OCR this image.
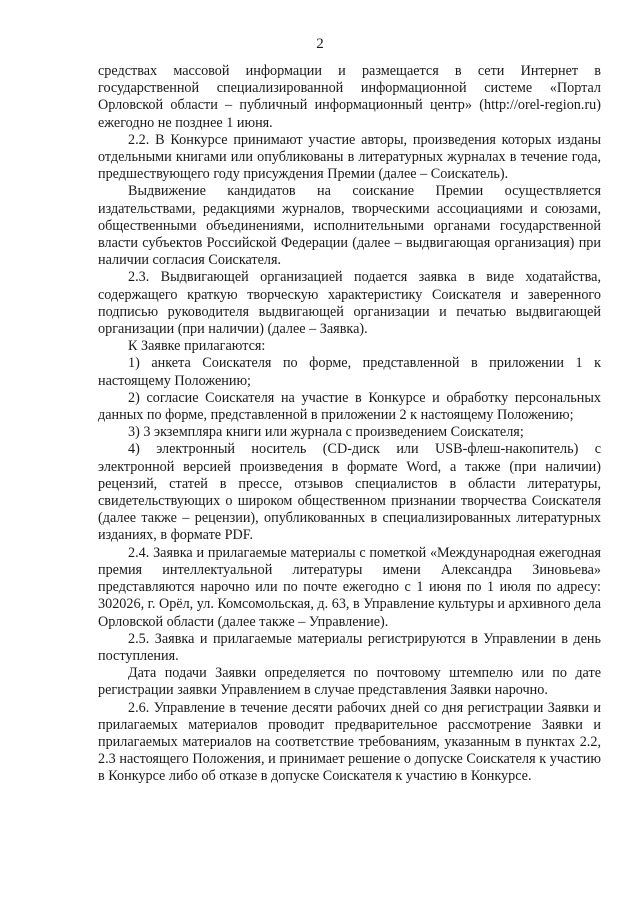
2

средствах массовой информации и размещается в сети Интернет в государственной специализированной информационной системе «Портал Орловской области – публичный информационный центр» (http://orel-region.ru) ежегодно не позднее 1 июня.

2.2. В Конкурсе принимают участие авторы, произведения которых изданы отдельными книгами или опубликованы в литературных журналах в течение года, предшествующего году присуждения Премии (далее – Соискатель).

Выдвижение кандидатов на соискание Премии осуществляется издательствами, редакциями журналов, творческими ассоциациями и союзами, общественными объединениями, исполнительными органами государственной власти субъектов Российской Федерации (далее – выдвигающая организация) при наличии согласия Соискателя.

2.3. Выдвигающей организацией подается заявка в виде ходатайства, содержащего краткую творческую характеристику Соискателя и заверенного подписью руководителя выдвигающей организации и печатью выдвигающей организации (при наличии) (далее – Заявка).

К Заявке прилагаются:

1) анкета Соискателя по форме, представленной в приложении 1 к настоящему Положению;

2) согласие Соискателя на участие в Конкурсе и обработку персональных данных по форме, представленной в приложении 2 к настоящему Положению;

3) 3 экземпляра книги или журнала с произведением Соискателя;

4) электронный носитель (CD-диск или USB-флеш-накопитель) с электронной версией произведения в формате Word, а также (при наличии) рецензий, статей в прессе, отзывов специалистов в области литературы, свидетельствующих о широком общественном признании творчества Соискателя (далее также – рецензии), опубликованных в специализированных литературных изданиях, в формате PDF.

2.4. Заявка и прилагаемые материалы с пометкой «Международная ежегодная премия интеллектуальной литературы имени Александра Зиновьева» представляются нарочно или по почте ежегодно с 1 июня по 1 июля по адресу: 302026, г. Орёл, ул. Комсомольская, д. 63, в Управление культуры и архивного дела Орловской области (далее также – Управление).

2.5. Заявка и прилагаемые материалы регистрируются в Управлении в день поступления.

Дата подачи Заявки определяется по почтовому штемпелю или по дате регистрации заявки Управлением в случае представления Заявки нарочно.

2.6. Управление в течение десяти рабочих дней со дня регистрации Заявки и прилагаемых материалов проводит предварительное рассмотрение Заявки и прилагаемых материалов на соответствие требованиям, указанным в пунктах 2.2, 2.3 настоящего Положения, и принимает решение о допуске Соискателя к участию в Конкурсе либо об отказе в допуске Соискателя к участию в Конкурсе.
